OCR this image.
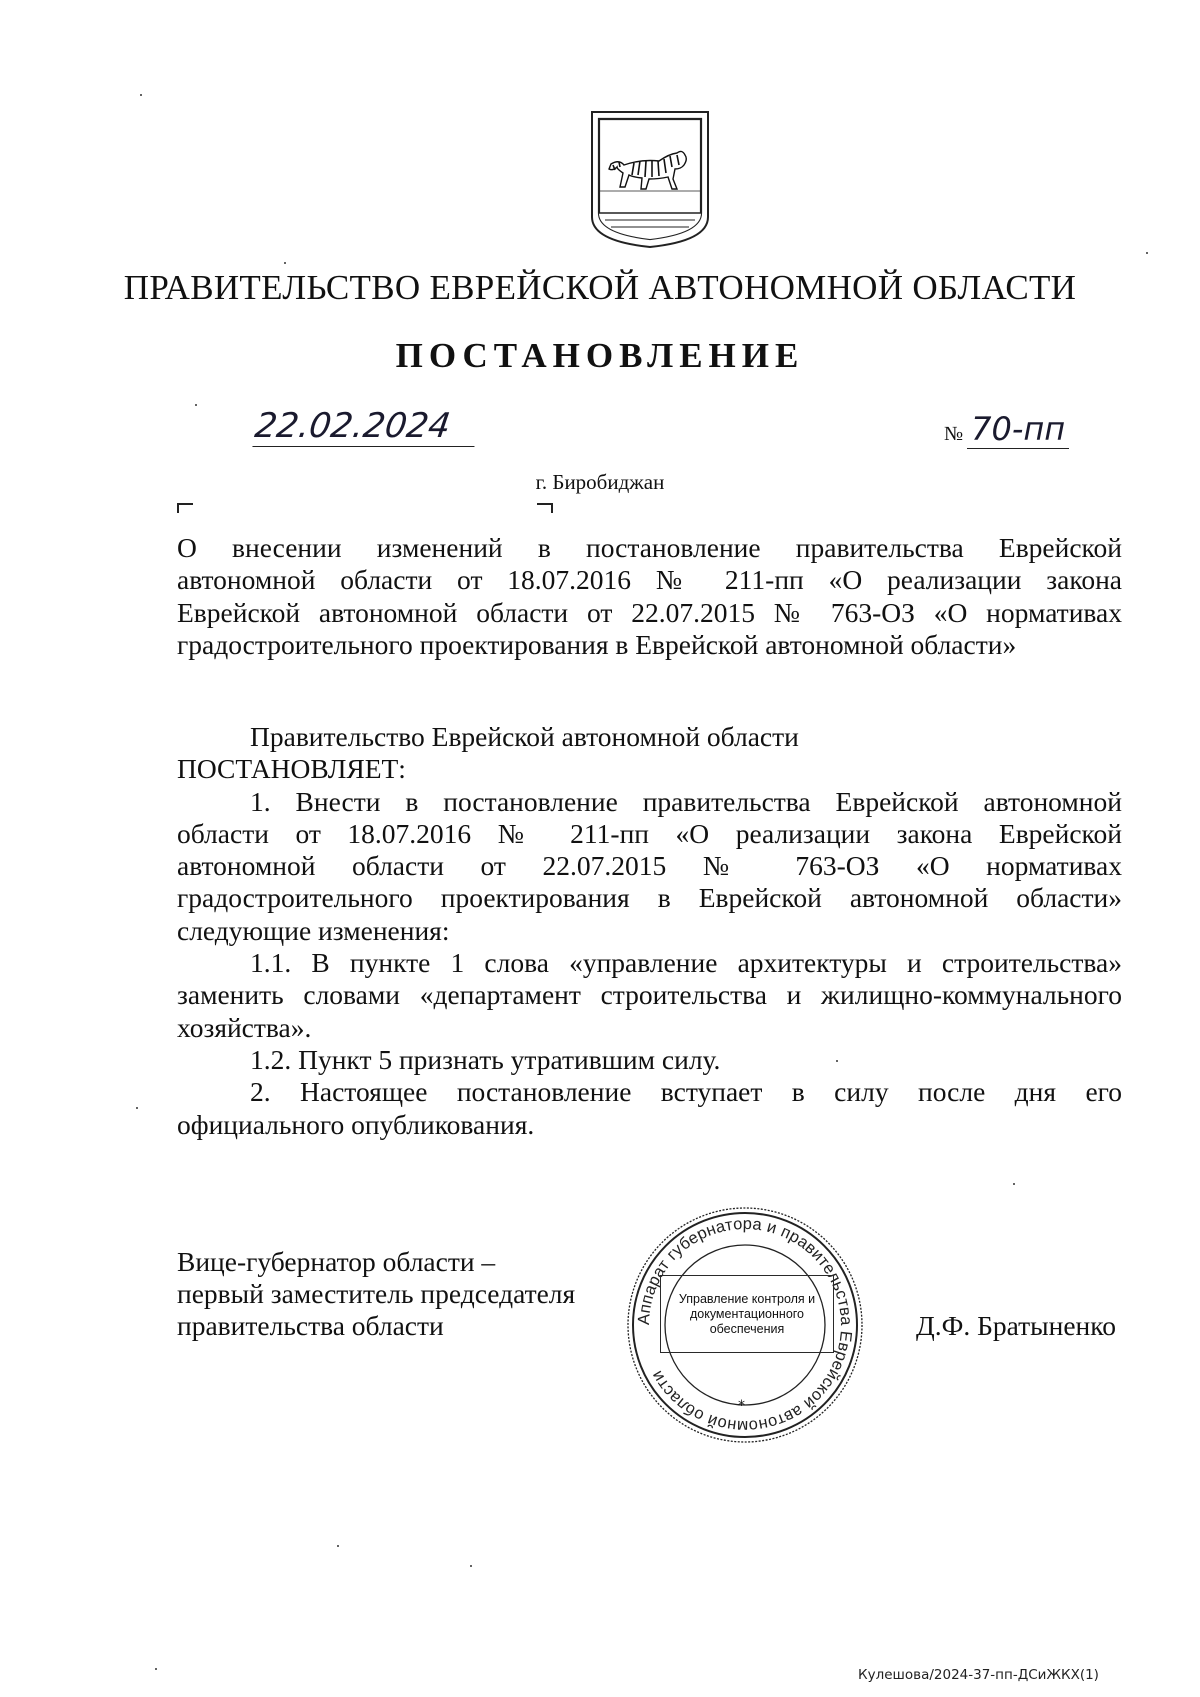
ПРАВИТЕЛЬСТВО ЕВРЕЙСКОЙ АВТОНОМНОЙ ОБЛАСТИ
ПОСТАНОВЛЕНИЕ
22.02.2024	№ 70-пп
г. Биробиджан
О внесении изменений в постановление правительства Еврейской
автономной области от 18.07.2016 № 211-пп «О реализации закона
Еврейской автономной области от 22.07.2015 № 763-ОЗ «О нормативах
градостроительного проектирования в Еврейской автономной области»
Правительство Еврейской автономной области
ПОСТАНОВЛЯЕТ:
1. Внести в постановление правительства Еврейской автономной
области от 18.07.2016 № 211-пп «О реализации закона Еврейской
автономной области от 22.07.2015 № 763-ОЗ «О нормативах
градостроительного проектирования в Еврейской автономной области»
следующие изменения:
1.1. В пункте 1 слова «управление архитектуры и строительства»
заменить словами «департамент строительства и жилищно-коммунального
хозяйства».
1.2. Пункт 5 признать утратившим силу.
2. Настоящее постановление вступает в силу после дня его
официального опубликования.
Вице-губернатор области –
первый заместитель председателя
правительства области	Аппарат губернатора и правительства Еврейской автономной области
Управление контроля и
документационного
обеспечения
*
Д.Ф. Братыненко
Кулешова/2024-37-пп-ДСиЖКХ(1)
